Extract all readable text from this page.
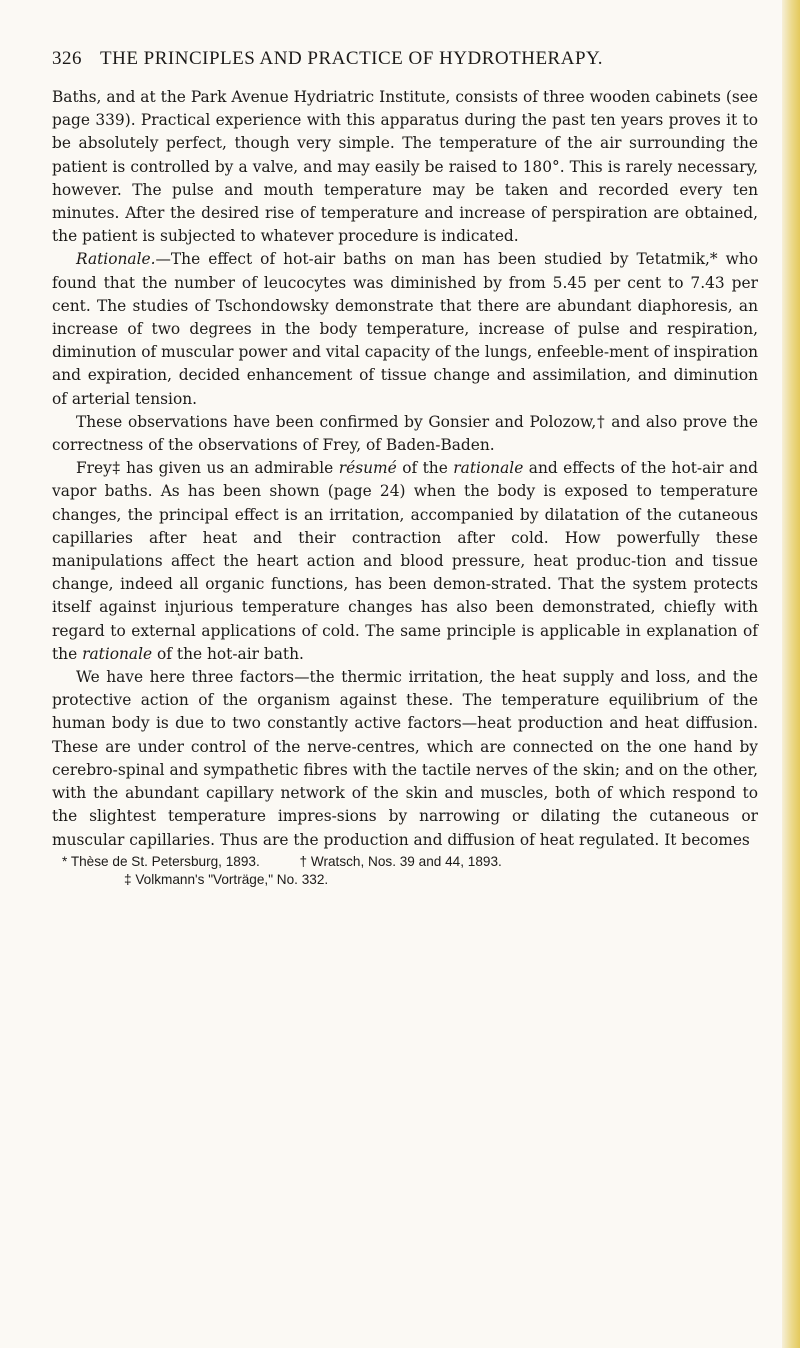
326 THE PRINCIPLES AND PRACTICE OF HYDROTHERAPY.

Baths, and at the Park Avenue Hydriatric Institute, consists of three wooden cabinets (see page 339). Practical experience with this apparatus during the past ten years proves it to be absolutely perfect, though very simple. The temperature of the air surrounding the patient is controlled by a valve, and may easily be raised to 180°. This is rarely necessary, however. The pulse and mouth temperature may be taken and recorded every ten minutes. After the desired rise of temperature and increase of perspiration are obtained, the patient is subjected to whatever procedure is indicated.

Rationale.—The effect of hot-air baths on man has been studied by Tetatmik,* who found that the number of leucocytes was diminished by from 5.45 per cent to 7.43 per cent. The studies of Tschondowsky demonstrate that there are abundant diaphoresis, an increase of two degrees in the body temperature, increase of pulse and respiration, diminution of muscular power and vital capacity of the lungs, enfeeble-ment of inspiration and expiration, decided enhancement of tissue change and assimilation, and diminution of arterial tension.

These observations have been confirmed by Gonsier and Polozow,† and also prove the correctness of the observations of Frey, of Baden-Baden.

Frey‡ has given us an admirable résumé of the rationale and effects of the hot-air and vapor baths. As has been shown (page 24) when the body is exposed to temperature changes, the principal effect is an irritation, accompanied by dilatation of the cutaneous capillaries after heat and their contraction after cold. How powerfully these manipulations affect the heart action and blood pressure, heat produc-tion and tissue change, indeed all organic functions, has been demon-strated. That the system protects itself against injurious temperature changes has also been demonstrated, chiefly with regard to external applications of cold. The same principle is applicable in explanation of the rationale of the hot-air bath.

We have here three factors—the thermic irritation, the heat supply and loss, and the protective action of the organism against these. The temperature equilibrium of the human body is due to two constantly active factors—heat production and heat diffusion. These are under control of the nerve-centres, which are connected on the one hand by cerebro-spinal and sympathetic fibres with the tactile nerves of the skin; and on the other, with the abundant capillary network of the skin and muscles, both of which respond to the slightest temperature impres-sions by narrowing or dilating the cutaneous or muscular capillaries. Thus are the production and diffusion of heat regulated. It becomes

* Thèse de St. Petersburg, 1893.	† Wratsch, Nos. 39 and 44, 1893.
‡ Volkmann's "Vorträge," No. 332.
